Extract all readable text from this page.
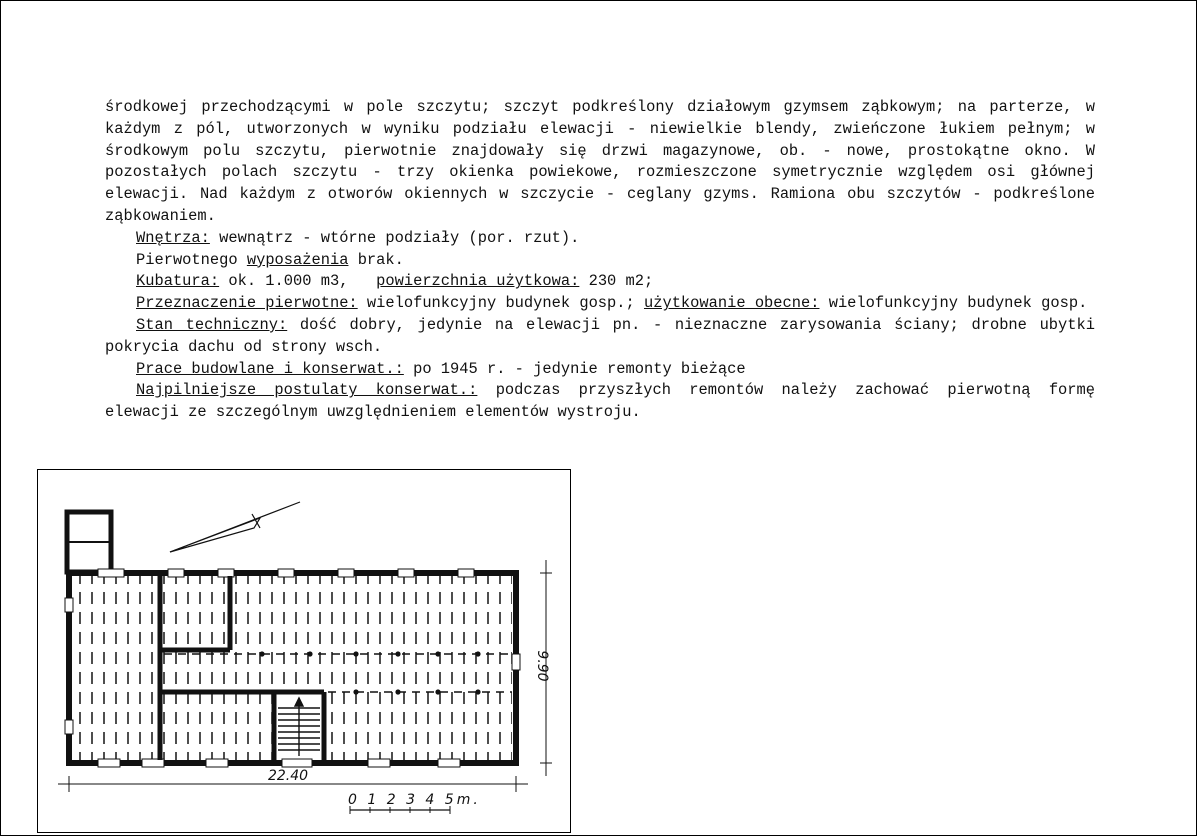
środkowej przechodzącymi w pole szczytu; szczyt podkreślony działowym gzymsem ząbkowym; na parterze, w każdym z pól, utworzonych w wyniku podziału elewacji - niewielkie blendy, zwieńczone łukiem pełnym; w środkowym polu szczytu, pierwotnie znajdowały się drzwi magazynowe, ob. - nowe, prostokątne okno. W pozostałych polach szczytu - trzy okienka powiekowe, rozmieszczone symetrycznie względem osi głównej elewacji. Nad każdym z otworów okiennych w szczycie - ceglany gzyms. Ramiona obu szczytów - podkreślone ząbkowaniem.

Wnętrza: wewnątrz - wtórne podziały (por. rzut).

Pierwotnego wyposażenia brak.

Kubatura: ok. 1.000 m3,   powierzchnia użytkowa: 230 m2;

Przeznaczenie pierwotne: wielofunkcyjny budynek gosp.; użytkowanie obecne: wielofunkcyjny budynek gosp.

Stan techniczny: dość dobry, jedynie na elewacji pn. - nieznaczne zarysowania ściany; drobne ubytki pokrycia dachu od strony wsch.

Prace budowlane i konserwat.: po 1945 r. - jedynie remonty bieżące

Najpilniejsze postulaty konserwat.: podczas przyszłych remontów należy zachować pierwotną formę elewacji ze szczególnym uwzględnieniem elementów wystroju.

9.90
22.40
0 1 2 3 4 5m.
